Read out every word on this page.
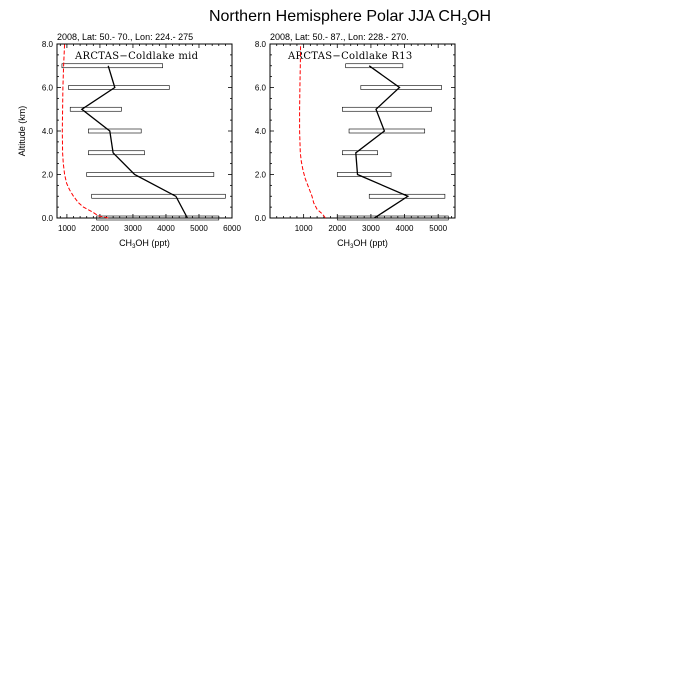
Northern Hemisphere Polar JJA $CH_3OH$
2008, Lat: 50.- 70., Lon: 224.- 275
ARCTAS−Coldlake mid
Altitude (km)
$CH_3OH$ (ppt)
1000 2000 3000 4000 5000 6000
0.0
2.0
4.0
6.0
8.0
2008, Lat: 50.- 87., Lon: 228.- 270.
ARCTAS−Coldlake R13
$CH_3OH$ (ppt)
1000 2000 3000 4000 5000
0.0
2.0
4.0
6.0
8.0
